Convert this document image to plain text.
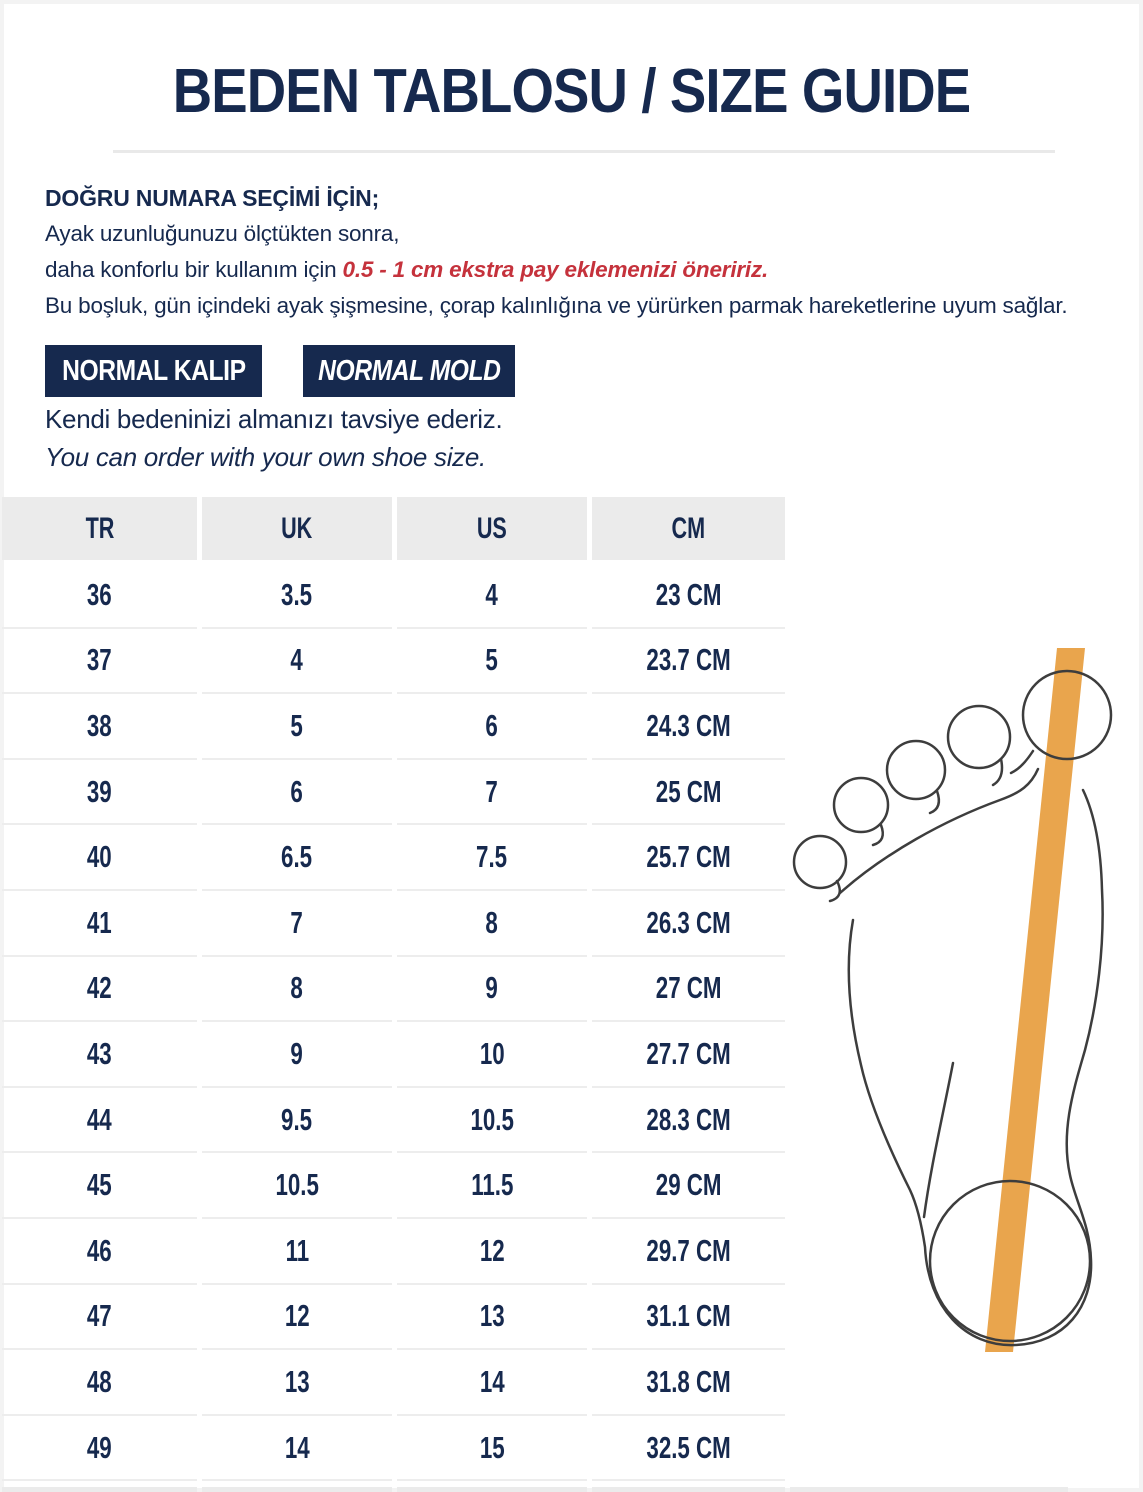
BEDEN TABLOSU / SIZE GUIDE
DOĞRU NUMARA SEÇİMİ İÇİN;
Ayak uzunluğunuzu ölçtükten sonra,
daha konforlu bir kullanım için 0.5 - 1 cm ekstra pay eklemenizi öneririz.
Bu boşluk, gün içindeki ayak şişmesine, çorap kalınlığına ve yürürken parmak hareketlerine uyum sağlar.
NORMAL KALIP	NORMAL MOLD
Kendi bedeninizi almanızı tavsiye ederiz.
You can order with your own shoe size.
TR	UK	US	CM
36	3.5	4	23 CM
37	4	5	23.7 CM
38	5	6	24.3 CM
39	6	7	25 CM
40	6.5	7.5	25.7 CM
41	7	8	26.3 CM
42	8	9	27 CM
43	9	10	27.7 CM
44	9.5	10.5	28.3 CM
45	10.5	11.5	29 CM
46	11	12	29.7 CM
47	12	13	31.1 CM
48	13	14	31.8 CM
49	14	15	32.5 CM
